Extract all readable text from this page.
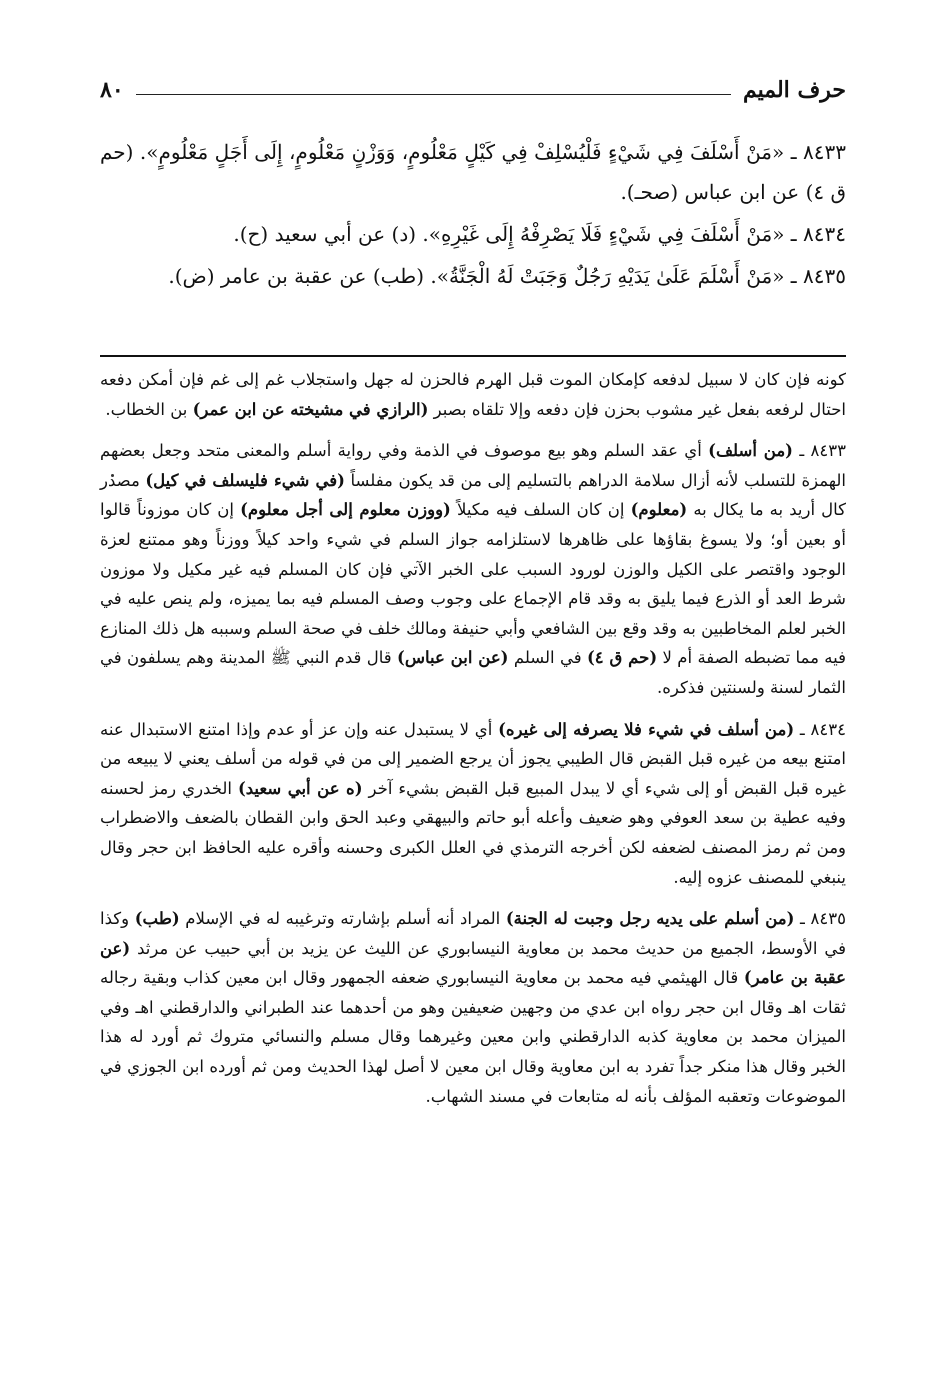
حرف الميم
٨٠

٨٤٣٣ ـ «مَنْ أَسْلَفَ فِي شَيْءٍ فَلْيُسْلِفْ فِي كَيْلٍ مَعْلُومٍ، وَوَزْنٍ مَعْلُومٍ، إِلَى أَجَلٍ مَعْلُومٍ». (حم ق ٤) عن ابن عباس (صحـ).

٨٤٣٤ ـ «مَنْ أَسْلَفَ فِي شَيْءٍ فَلَا يَصْرِفْهُ إِلَى غَيْرِهِ». (د) عن أبي سعيد (ح).

٨٤٣٥ ـ «مَنْ أَسْلَمَ عَلَىٰ يَدَيْهِ رَجُلٌ وَجَبَتْ لَهُ الْجَنَّةُ». (طب) عن عقبة بن عامر (ض).

كونه فإن كان لا سبيل لدفعه كإمكان الموت قبل الهرم فالحزن له جهل واستجلاب غم إلى غم فإن أمكن دفعه احتال لرفعه بفعل غير مشوب بحزن فإن دفعه وإلا تلقاه بصبر (الرازي في مشيخته عن ابن عمر) بن الخطاب.

٨٤٣٣ ـ (من أسلف) أي عقد السلم وهو بيع موصوف في الذمة وفي رواية أسلم والمعنى متحد وجعل بعضهم الهمزة للتسلب لأنه أزال سلامة الدراهم بالتسليم إلى من قد يكون مفلساً (في شيء فليسلف في كيل) مصدر كال أريد به ما يكال به (معلوم) إن كان السلف فيه مكيلاً (ووزن معلوم إلى أجل معلوم) إن كان موزوناً قالوا أو بعين أو؛ ولا يسوغ بقاؤها على ظاهرها لاستلزامه جواز السلم في شيء واحد كيلاً ووزناً وهو ممتنع لعزة الوجود واقتصر على الكيل والوزن لورود السبب على الخبر الآتي فإن كان المسلم فيه غير مكيل ولا موزون شرط العد أو الذرع فيما يليق به وقد قام الإجماع على وجوب وصف المسلم فيه بما يميزه، ولم ينص عليه في الخبر لعلم المخاطبين به وقد وقع بين الشافعي وأبي حنيفة ومالك خلف في صحة السلم وسببه هل ذلك المنازع فيه مما تضبطه الصفة أم لا (حم ق ٤) في السلم (عن ابن عباس) قال قدم النبي ﷺ المدينة وهم يسلفون في الثمار لسنة ولسنتين فذكره.

٨٤٣٤ ـ (من أسلف في شيء فلا يصرفه إلى غيره) أي لا يستبدل عنه وإن عز أو عدم وإذا امتنع الاستبدال عنه امتنع بيعه من غيره قبل القبض قال الطيبي يجوز أن يرجع الضمير إلى من في قوله من أسلف يعني لا يبيعه من غيره قبل القبض أو إلى شيء أي لا يبدل المبيع قبل القبض بشيء آخر (ه عن أبي سعيد) الخدري رمز لحسنه وفيه عطية بن سعد العوفي وهو ضعيف وأعله أبو حاتم والبيهقي وعبد الحق وابن القطان بالضعف والاضطراب ومن ثم رمز المصنف لضعفه لكن أخرجه الترمذي في العلل الكبرى وحسنه وأقره عليه الحافظ ابن حجر وقال ينبغي للمصنف عزوه إليه.

٨٤٣٥ ـ (من أسلم على يديه رجل وجبت له الجنة) المراد أنه أسلم بإشارته وترغيبه له في الإسلام (طب) وكذا في الأوسط، الجميع من حديث محمد بن معاوية النيسابوري عن الليث عن يزيد بن أبي حبيب عن مرثد (عن عقبة بن عامر) قال الهيثمي فيه محمد بن معاوية النيسابوري ضعفه الجمهور وقال ابن معين كذاب وبقية رجاله ثقات اهـ وقال ابن حجر رواه ابن عدي من وجهين ضعيفين وهو من أحدهما عند الطبراني والدارقطني اهـ وفي الميزان محمد بن معاوية كذبه الدارقطني وابن معين وغيرهما وقال مسلم والنسائي متروك ثم أورد له هذا الخبر وقال هذا منكر جداً تفرد به ابن معاوية وقال ابن معين لا أصل لهذا الحديث ومن ثم أورده ابن الجوزي في الموضوعات وتعقبه المؤلف بأنه له متابعات في مسند الشهاب.
